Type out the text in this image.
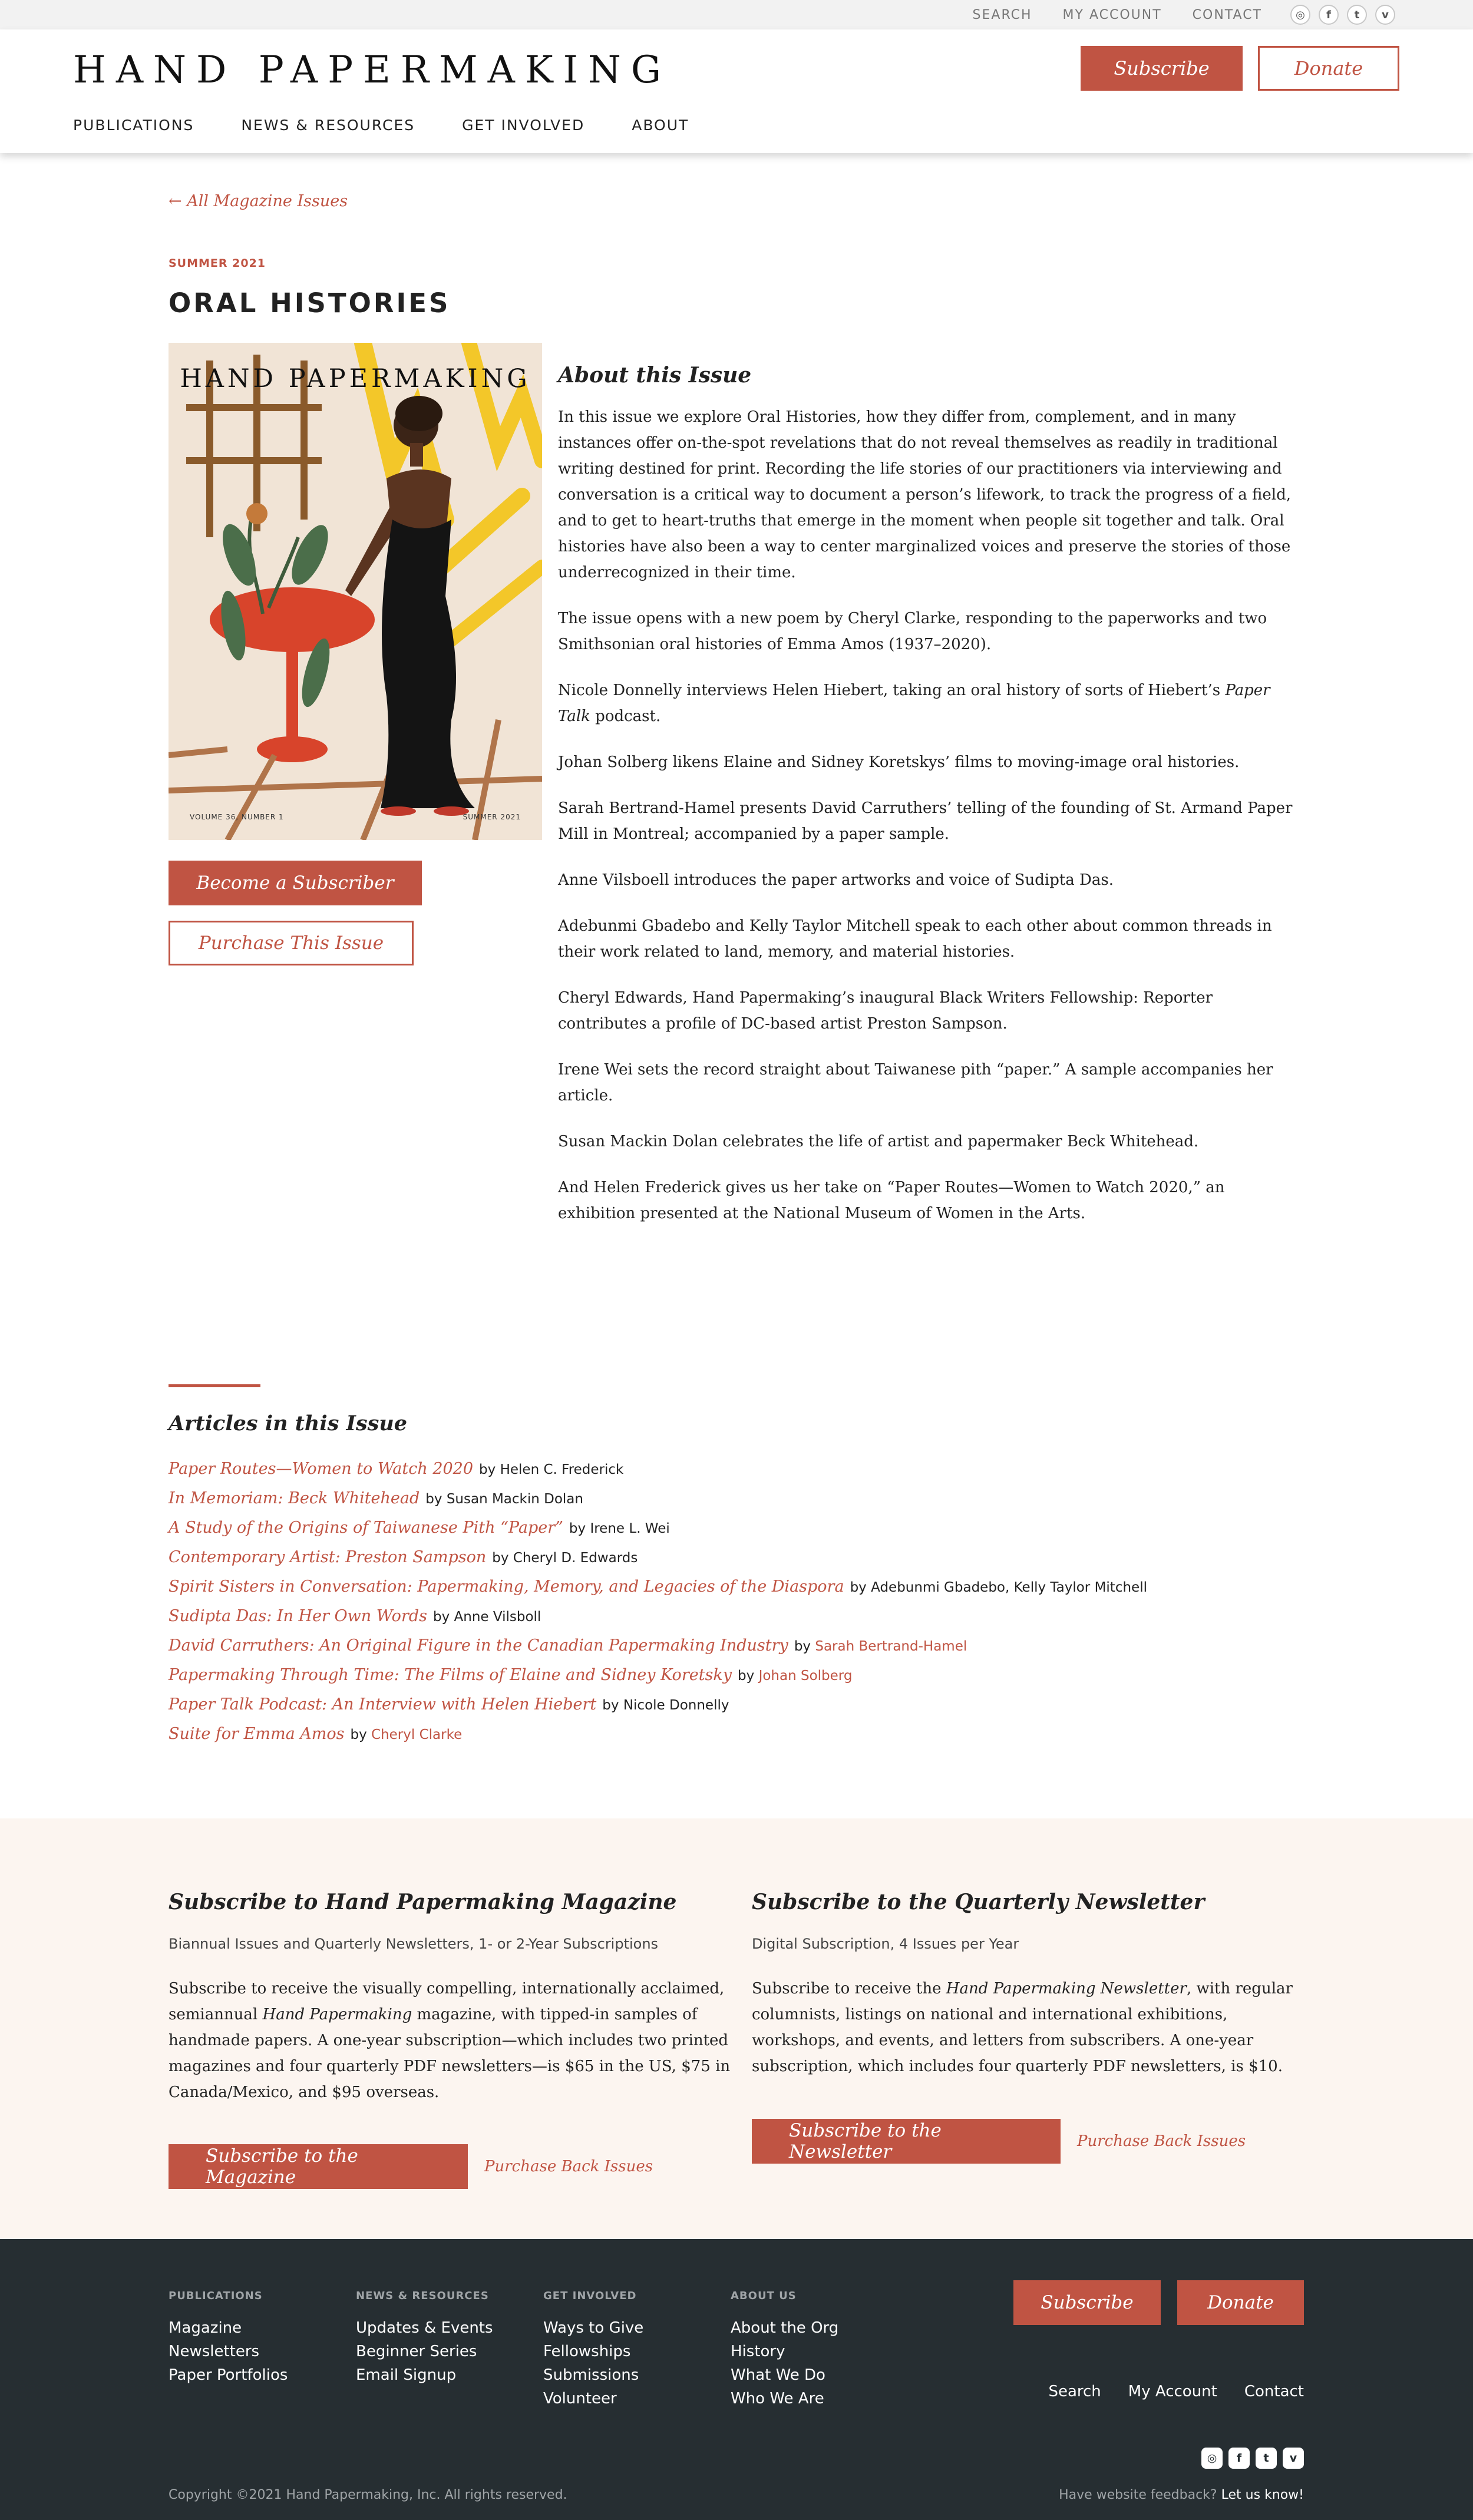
SEARCH MY ACCOUNT CONTACT	◎	f	t	v
HAND PAPERMAKING	Subscribe	Donate
PUBLICATIONS	NEWS & RESOURCES	GET INVOLVED	ABOUT
← All Magazine Issues
SUMMER 2021
ORAL HISTORIES
HAND PAPERMAKING
VOLUME 36, NUMBER 1	SUMMER 2021
Become a Subscriber
Purchase This Issue
About this Issue

In this issue we explore Oral Histories, how they differ from, complement, and in many instances offer on-the-spot revelations that do not reveal themselves as readily in traditional writing destined for print. Recording the life stories of our practitioners via interviewing and conversation is a critical way to document a person’s lifework, to track the progress of a field, and to get to heart-truths that emerge in the moment when people sit together and talk. Oral histories have also been a way to center marginalized voices and preserve the stories of those underrecognized in their time.

The issue opens with a new poem by Cheryl Clarke, responding to the paperworks and two Smithsonian oral histories of Emma Amos (1937–2020).

Nicole Donnelly interviews Helen Hiebert, taking an oral history of sorts of Hiebert’s Paper Talk podcast.

Johan Solberg likens Elaine and Sidney Koretskys’ films to moving-image oral histories.

Sarah Bertrand-Hamel presents David Carruthers’ telling of the founding of St. Armand Paper Mill in Montreal; accompanied by a paper sample.

Anne Vilsboell introduces the paper artworks and voice of Sudipta Das.

Adebunmi Gbadebo and Kelly Taylor Mitchell speak to each other about common threads in their work related to land, memory, and material histories.

Cheryl Edwards, Hand Papermaking’s inaugural Black Writers Fellowship: Reporter contributes a profile of DC-based artist Preston Sampson.

Irene Wei sets the record straight about Taiwanese pith “paper.” A sample accompanies her article.

Susan Mackin Dolan celebrates the life of artist and papermaker Beck Whitehead.

And Helen Frederick gives us her take on “Paper Routes—Women to Watch 2020,” an exhibition presented at the National Museum of Women in the Arts.

Articles in this Issue
Paper Routes—Women to Watch 2020 by Helen C. Frederick
In Memoriam: Beck Whitehead by Susan Mackin Dolan
A Study of the Origins of Taiwanese Pith “Paper” by Irene L. Wei
Contemporary Artist: Preston Sampson by Cheryl D. Edwards
Spirit Sisters in Conversation: Papermaking, Memory, and Legacies of the Diaspora by Adebunmi Gbadebo, Kelly Taylor Mitchell
Sudipta Das: In Her Own Words by Anne Vilsboll
David Carruthers: An Original Figure in the Canadian Papermaking Industry by Sarah Bertrand-Hamel
Papermaking Through Time: The Films of Elaine and Sidney Koretsky by Johan Solberg
Paper Talk Podcast: An Interview with Helen Hiebert by Nicole Donnelly
Suite for Emma Amos by Cheryl Clarke
Subscribe to Hand Papermaking Magazine
Biannual Issues and Quarterly Newsletters, 1- or 2-Year Subscriptions

Subscribe to receive the visually compelling, internationally acclaimed, semiannual Hand Papermaking magazine, with tipped-in samples of handmade papers. A one-year subscription—which includes two printed magazines and four quarterly PDF newsletters—is $65 in the US, $75 in Canada/Mexico, and $95 overseas.

Subscribe to the Magazine	Purchase Back Issues
Subscribe to the Quarterly Newsletter
Digital Subscription, 4 Issues per Year

Subscribe to receive the Hand Papermaking Newsletter, with regular columnists, listings on national and international exhibitions, workshops, and events, and letters from subscribers. A one-year subscription, which includes four quarterly PDF newsletters, is $10.

Subscribe to the Newsletter	Purchase Back Issues
PUBLICATIONS
Magazine
Newsletters
Paper Portfolios
NEWS & RESOURCES
Updates & Events
Beginner Series
Email Signup
GET INVOLVED
Ways to Give
Fellowships
Submissions
Volunteer
ABOUT US
About the Org
History
What We Do
Who We Are
Subscribe	Donate
Search My Account Contact
◎	f	t	v
Copyright ©2021 Hand Papermaking, Inc. All rights reserved.	Have website feedback? Let us know!
